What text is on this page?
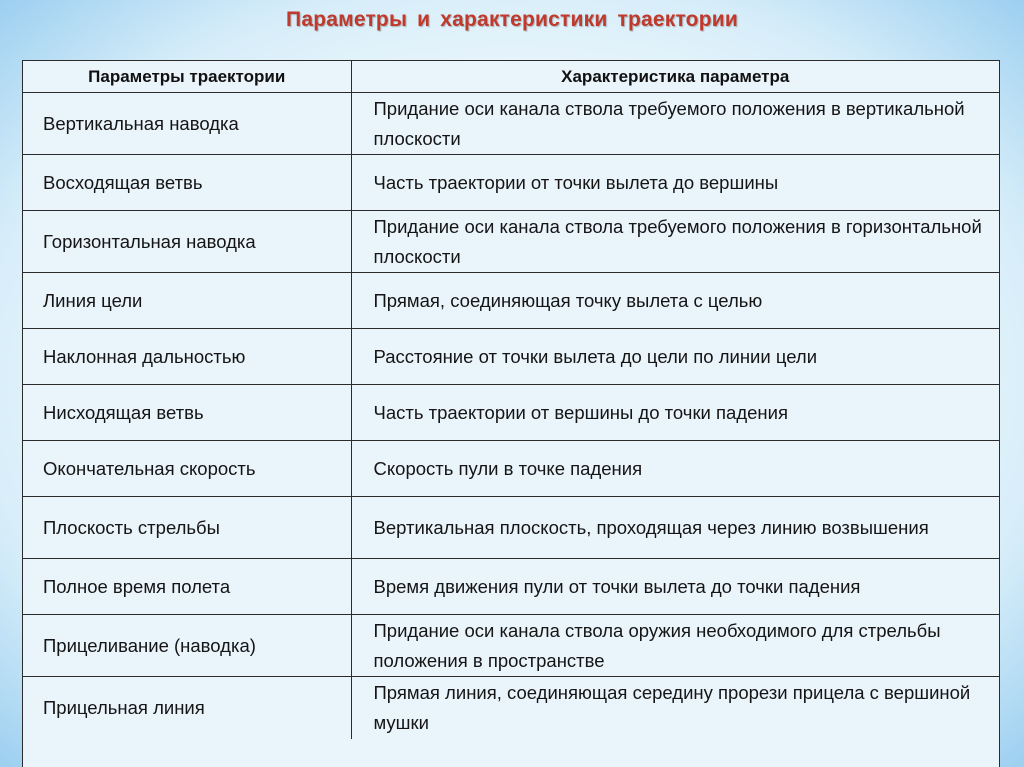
Параметры и характеристики траектории
Параметры траектории	Характеристика параметра
Вертикальная наводка	Придание оси канала ствола требуемого положения в вертикальной плоскости
Восходящая ветвь	Часть траектории от точки вылета до вершины
Горизонтальная наводка	Придание оси канала ствола требуемого положения в горизонтальной плоскости
Линия цели	Прямая, соединяющая точку вылета с целью
Наклонная дальностью	Расстояние от точки вылета до цели по линии цели
Нисходящая ветвь	Часть траектории от вершины до точки падения
Окончательная скорость	Скорость пули в точке падения
Плоскость стрельбы	Вертикальная плоскость, проходящая через линию возвышения
Полное время полета	Время движения пули от точки вылета до точки падения
Прицеливание (наводка)	Придание оси канала ствола оружия необходимого для стрельбы положения в пространстве
Прицельная линия	Прямая линия, соединяющая середину прорези прицела с вершиной мушки
